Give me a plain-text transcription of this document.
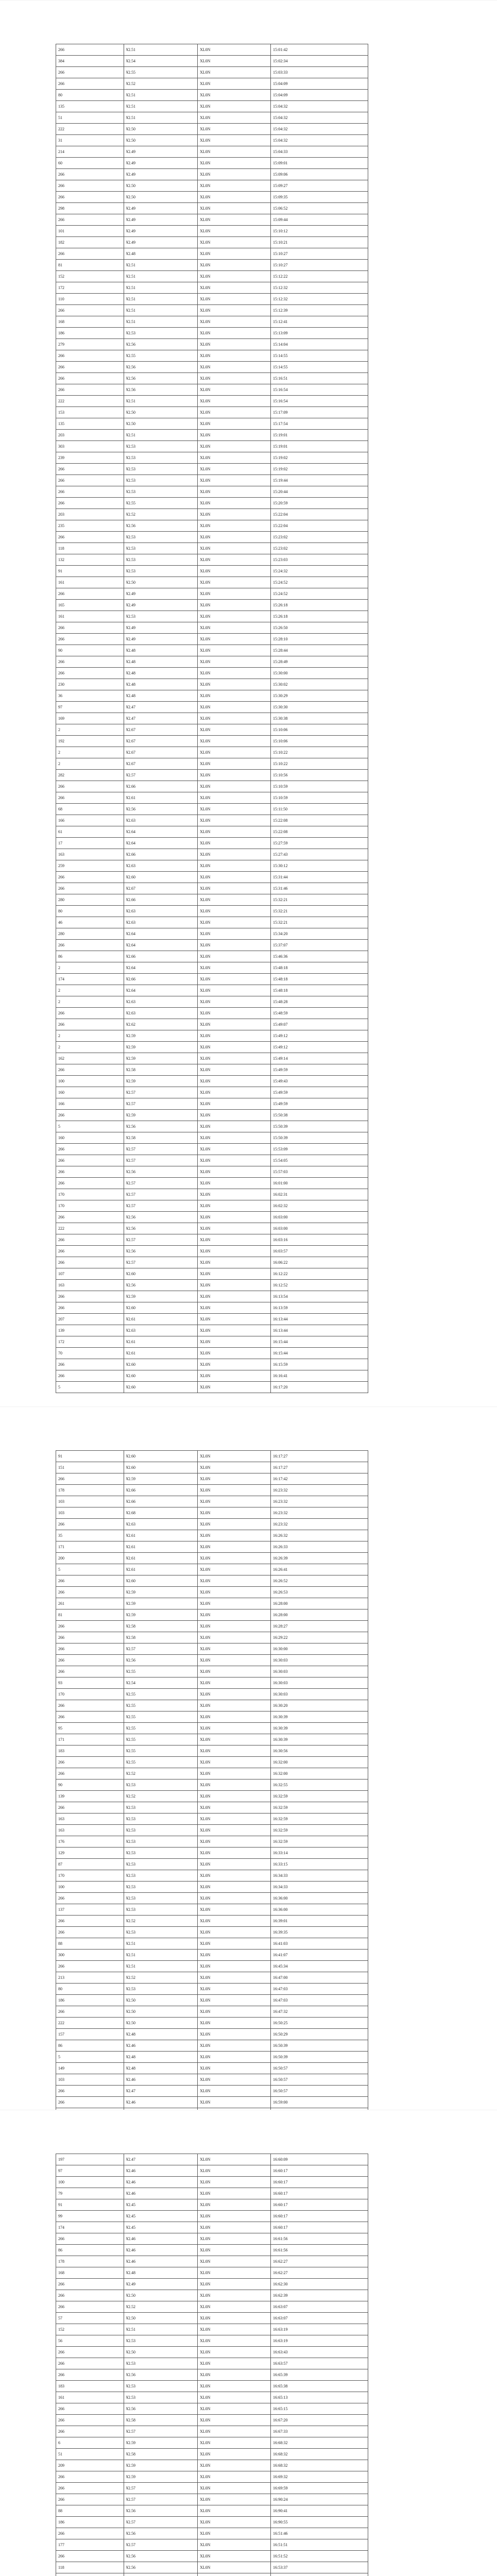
2	¥2.67	XL0N	15:10:06
192	¥2.67	XL0N	15:10:06
2	¥2.67	XL0N	15:10:22
2	¥2.67	XL0N	15:10:22
282	¥2.57	XL0N	15:10:56
266	¥2.66	XL0N	15:10:59
266	¥2.61	XL0N	15:10:59
68	¥2.56	XL0N	15:11:50
166	¥2.63	XL0N	15:22:08
61	¥2.64	XL0N	15:22:08
17	¥2.64	XL0N	15:27:59
163	¥2.66	XL0N	15:27:43
259	¥2.63	XL0N	15:30:12
266	¥2.60	XL0N	15:31:44
266	¥2.67	XL0N	15:31:46
280	¥2.66	XL0N	15:32:21
80	¥2.63	XL0N	15:32:21
46	¥2.63	XL0N	15:32:21
280	¥2.64	XL0N	15:34:20
266	¥2.64	XL0N	15:37:07
86	¥2.66	XL0N	15:46:36
2	¥2.64	XL0N	15:48:18
174	¥2.66	XL0N	15:48:18
2	¥2.64	XL0N	15:48:18
2	¥2.63	XL0N	15:48:28
266	¥2.63	XL0N	15:48:59
266	¥2.62	XL0N	15:49:07
2	¥2.59	XL0N	15:49:12
2	¥2.59	XL0N	15:49:12
162	¥2.59	XL0N	15:49:14
266	¥2.58	XL0N	15:49:59
100	¥2.59	XL0N	15:49:43
160	¥2.57	XL0N	15:49:59
166	¥2.57	XL0N	15:49:59
266	¥2.59	XL0N	15:50:38
5	¥2.56	XL0N	15:50:39
160	¥2.58	XL0N	15:50:39
266	¥2.57	XL0N	15:53:09
266	¥2.57	XL0N	15:54:05
266	¥2.56	XL0N	15:57:03
266	¥2.57	XL0N	16:01:00
170	¥2.57	XL0N	16:02:31
170	¥2.57	XL0N	16:02:32
266	¥2.56	XL0N	16:03:00
222	¥2.56	XL0N	16:03:00
266	¥2.57	XL0N	16:03:16
266	¥2.56	XL0N	16:03:57
266	¥2.57	XL0N	16:06:22
107	¥2.60	XL0N	16:12:22
163	¥2.56	XL0N	16:12:52
266	¥2.59	XL0N	16:13:54
266	¥2.60	XL0N	16:13:59
207	¥2.61	XL0N	16:13:44
139	¥2.63	XL0N	16:13:44
172	¥2.61	XL0N	16:15:44
70	¥2.61	XL0N	16:15:44
266	¥2.60	XL0N	16:15:59
266	¥2.60	XL0N	16:16:41
5	¥2.60	XL0N	16:17:20
91	¥2.60	XL0N	16:17:27
151	¥2.60	XL0N	16:17:27
266	¥2.59	XL0N	16:17:42
178	¥2.66	XL0N	16:23:32
103	¥2.66	XL0N	16:23:32
103	¥2.68	XL0N	16:23:32
266	¥2.63	XL0N	16:23:32
35	¥2.61	XL0N	16:26:32
171	¥2.61	XL0N	16:26:33
200	¥2.61	XL0N	16:26:39
5	¥2.61	XL0N	16:26:41
266	¥2.60	XL0N	16:26:52
266	¥2.59	XL0N	16:26:53
261	¥2.59	XL0N	16:28:00
81	¥2.59	XL0N	16:28:00
266	¥2.58	XL0N	16:28:27
266	¥2.58	XL0N	16:29:22
266	¥2.57	XL0N	16:30:00
266	¥2.56	XL0N	16:30:03
266	¥2.55	XL0N	16:30:03
93	¥2.54	XL0N	16:30:03
170	¥2.55	XL0N	16:30:03
266	¥2.55	XL0N	16:30:20
266	¥2.55	XL0N	16:30:39
95	¥2.55	XL0N	16:30:39
171	¥2.55	XL0N	16:30:39
183	¥2.55	XL0N	16:30:56
266	¥2.55	XL0N	16:32:00
266	¥2.52	XL0N	16:32:00
90	¥2.53	XL0N	16:32:55
139	¥2.52	XL0N	16:32:59
266	¥2.53	XL0N	16:32:59
163	¥2.53	XL0N	16:32:59
163	¥2.53	XL0N	16:32:59
176	¥2.53	XL0N	16:32:59
129	¥2.53	XL0N	16:33:14
87	¥2.53	XL0N	16:33:15
170	¥2.53	XL0N	16:34:33
100	¥2.53	XL0N	16:34:33
266	¥2.53	XL0N	16:36:00
137	¥2.53	XL0N	16:36:00
266	¥2.52	XL0N	16:39:01
266	¥2.53	XL0N	16:39:35
88	¥2.51	XL0N	16:41:03
300	¥2.51	XL0N	16:41:07
266	¥2.51	XL0N	16:45:34
213	¥2.52	XL0N	16:47:00
80	¥2.53	XL0N	16:47:03
186	¥2.50	XL0N	16:47:03
266	¥2.50	XL0N	16:47:32
222	¥2.50	XL0N	16:50:25
157	¥2.48	XL0N	16:50:29
86	¥2.46	XL0N	16:50:39
5	¥2.48	XL0N	16:50:39
149	¥2.48	XL0N	16:50:57
103	¥2.46	XL0N	16:50:57
266	¥2.47	XL0N	16:50:57
266	¥2.46	XL0N	16:59:00

197	¥2.47	XL0N	16:60:09
97	¥2.46	XL0N	16:60:17
100	¥2.46	XL0N	16:60:17
79	¥2.46	XL0N	16:60:17
91	¥2.45	XL0N	16:60:17
99	¥2.45	XL0N	16:60:17
174	¥2.45	XL0N	16:60:17
266	¥2.46	XL0N	16:61:56
86	¥2.46	XL0N	16:61:56
178	¥2.46	XL0N	16:62:27
168	¥2.48	XL0N	16:62:27
266	¥2.49	XL0N	16:62:30
266	¥2.50	XL0N	16:62:39
266	¥2.52	XL0N	16:63:07
57	¥2.50	XL0N	16:63:07
152	¥2.51	XL0N	16:63:19
56	¥2.53	XL0N	16:63:19
266	¥2.50	XL0N	16:63:43
266	¥2.53	XL0N	16:63:57
266	¥2.56	XL0N	16:65:39
183	¥2.53	XL0N	16:65:38
161	¥2.53	XL0N	16:65:13
266	¥2.56	XL0N	16:65:15
266	¥2.58	XL0N	16:67:20
266	¥2.57	XL0N	16:67:33
6	¥2.59	XL0N	16:68:32
51	¥2.58	XL0N	16:68:32
209	¥2.59	XL0N	16:68:32
266	¥2.59	XL0N	16:69:32
266	¥2.57	XL0N	16:69:59
266	¥2.57	XL0N	16:90:24
88	¥2.56	XL0N	16:90:41
186	¥2.57	XL0N	16:90:55
266	¥2.56	XL0N	16:51:46
177	¥2.57	XL0N	16:51:51
266	¥2.56	XL0N	16:51:52
118	¥2.56	XL0N	16:53:37

266	¥2.51	XL0N	15:01:42
384	¥2.54	XL0N	15:02:34
266	¥2.55	XL0N	15:03:33
266	¥2.52	XL0N	15:04:09
80	¥2.51	XL0N	15:04:09
135	¥2.51	XL0N	15:04:32
51	¥2.51	XL0N	15:04:32
222	¥2.50	XL0N	15:04:32
31	¥2.50	XL0N	15:04:32
214	¥2.49	XL0N	15:04:33
60	¥2.49	XL0N	15:09:01
266	¥2.49	XL0N	15:09:06
266	¥2.50	XL0N	15:09:27
266	¥2.50	XL0N	15:09:35
298	¥2.49	XL0N	15:06:52
266	¥2.49	XL0N	15:09:44
101	¥2.49	XL0N	15:10:12
182	¥2.49	XL0N	15:10:21
266	¥2.48	XL0N	15:10:27
81	¥2.51	XL0N	15:10:27
152	¥2.51	XL0N	15:12:22
172	¥2.51	XL0N	15:12:32
110	¥2.51	XL0N	15:12:32
266	¥2.51	XL0N	15:12:39
168	¥2.51	XL0N	15:12:41
186	¥2.53	XL0N	15:13:09
279	¥2.56	XL0N	15:14:04
266	¥2.55	XL0N	15:14:55
266	¥2.56	XL0N	15:14:55
266	¥2.56	XL0N	15:16:51
266	¥2.56	XL0N	15:16:54
222	¥2.51	XL0N	15:16:54
153	¥2.50	XL0N	15:17:09
135	¥2.50	XL0N	15:17:54
203	¥2.51	XL0N	15:19:01
303	¥2.53	XL0N	15:19:01
239	¥2.53	XL0N	15:19:02
266	¥2.53	XL0N	15:19:02
266	¥2.53	XL0N	15:19:44
266	¥2.53	XL0N	15:20:44
266	¥2.55	XL0N	15:20:59
203	¥2.52	XL0N	15:22:04
235	¥2.56	XL0N	15:22:04
266	¥2.53	XL0N	15:23:02
118	¥2.53	XL0N	15:23:02
132	¥2.53	XL0N	15:23:03
91	¥2.53	XL0N	15:24:32
161	¥2.50	XL0N	15:24:52
266	¥2.49	XL0N	15:24:52
165	¥2.49	XL0N	15:26:18
161	¥2.53	XL0N	15:26:18
266	¥2.49	XL0N	15:26:50
266	¥2.49	XL0N	15:28:10
90	¥2.48	XL0N	15:28:44
266	¥2.48	XL0N	15:28:49
266	¥2.48	XL0N	15:30:00
230	¥2.48	XL0N	15:30:02
36	¥2.48	XL0N	15:30:29
97	¥2.47	XL0N	15:30:30
169	¥2.47	XL0N	15:30:38
